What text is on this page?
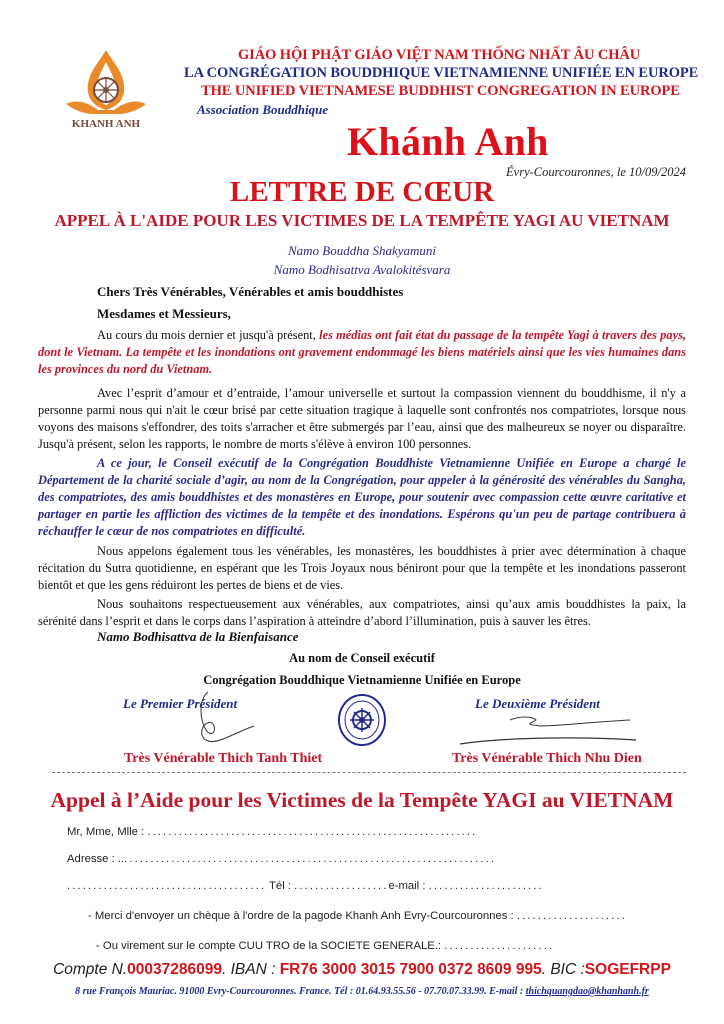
KHANH ANH
GIÁO HỘI PHẬT GIÁO VIỆT NAM THỐNG NHẤT ÂU CHÂU
LA CONGRÉGATION BOUDDHIQUE VIETNAMIENNE UNIFIÉE EN EUROPE
THE UNIFIED VIETNAMESE BUDDHIST CONGREGATION IN EUROPE
Association Bouddhique
Khánh Anh
Évry-Courcouronnes, le 10/09/2024
LETTRE DE CŒUR
APPEL À L'AIDE POUR LES VICTIMES DE LA TEMPÊTE YAGI AU VIETNAM
Namo Bouddha Shakyamuni
Namo Bodhisattva Avalokitésvara
Chers Très Vénérables, Vénérables et amis bouddhistes
Mesdames et Messieurs,
Au cours du mois dernier et jusqu'à présent, les médias ont fait état du passage de la tempête Yagi à travers des pays, dont le Vietnam. La tempête et les inondations ont gravement endommagé les biens matériels ainsi que les vies humaines dans les provinces du nord du Vietnam.
Avec l’esprit d’amour et d’entraide, l’amour universelle et surtout la compassion viennent du bouddhisme, il n'y a personne parmi nous qui n'ait le cœur brisé par cette situation tragique à laquelle sont confrontés nos compatriotes, lorsque nous voyons des maisons s'effondrer, des toits s'arracher et être submergés par l’eau, ainsi que des malheureux se noyer ou disparaître. Jusqu'à présent, selon les rapports, le nombre de morts s'élève à environ 100 personnes.
A ce jour, le Conseil exécutif de la Congrégation Bouddhiste Vietnamienne Unifiée en Europe a chargé le Département de la charité sociale d’agir, au nom de la Congrégation, pour appeler à la générosité des vénérables du Sangha, des compatriotes, des amis bouddhistes et des monastères en Europe, pour soutenir avec compassion cette œuvre caritative et partager en partie les affliction des victimes de la tempête et des inondations. Espérons qu'un peu de partage contribuera à réchauffer le cœur de nos compatriotes en difficulté.
Nous appelons également tous les vénérables, les monastères, les bouddhistes à prier avec détermination à chaque récitation du Sutra quotidienne, en espérant que les Trois Joyaux nous béniront pour que la tempête et les inondations passeront bientôt et que les gens réduiront les pertes de biens et de vies.
Nous souhaitons respectueusement aux vénérables, aux compatriotes, ainsi qu’aux amis bouddhistes la paix, la sérénité dans l’esprit et dans le corps dans l’aspiration à atteindre d’abord l’illumination, puis à sauver les êtres.
Namo Bodhisattva de la Bienfaisance
Au nom de Conseil exécutif
Congrégation Bouddhique Vietnamienne Unifiée en Europe
Le Premier Président	Le Deuxième Président
Très Vénérable Thich Tanh Thiet	Très Vénérable Thich Nhu Dien
Appel à l’Aide pour les Victimes de la Tempête YAGI au VIETNAM
Mr, Mme, Mlle : ...............................................................
Adresse : .........................................................................
...................................... Tél : ..................e-mail : ......................
- Merci d'envoyer un chèque à l'ordre de la pagode Khanh Anh Evry-Courcouronnes : .....................
- Ou virement sur le compte CUU TRO de la SOCIETE GENERALE.: .....................
Compte N.00037286099. IBAN : FR76 3000 3015 7900 0372 8609 995. BIC :SOGEFRPP
8 rue François Mauriac. 91000 Evry-Courcouronnes. France. Tél : 01.64.93.55.56 - 07.70.07.33.99. E-mail : thichquangdao@khanhanh.fr
